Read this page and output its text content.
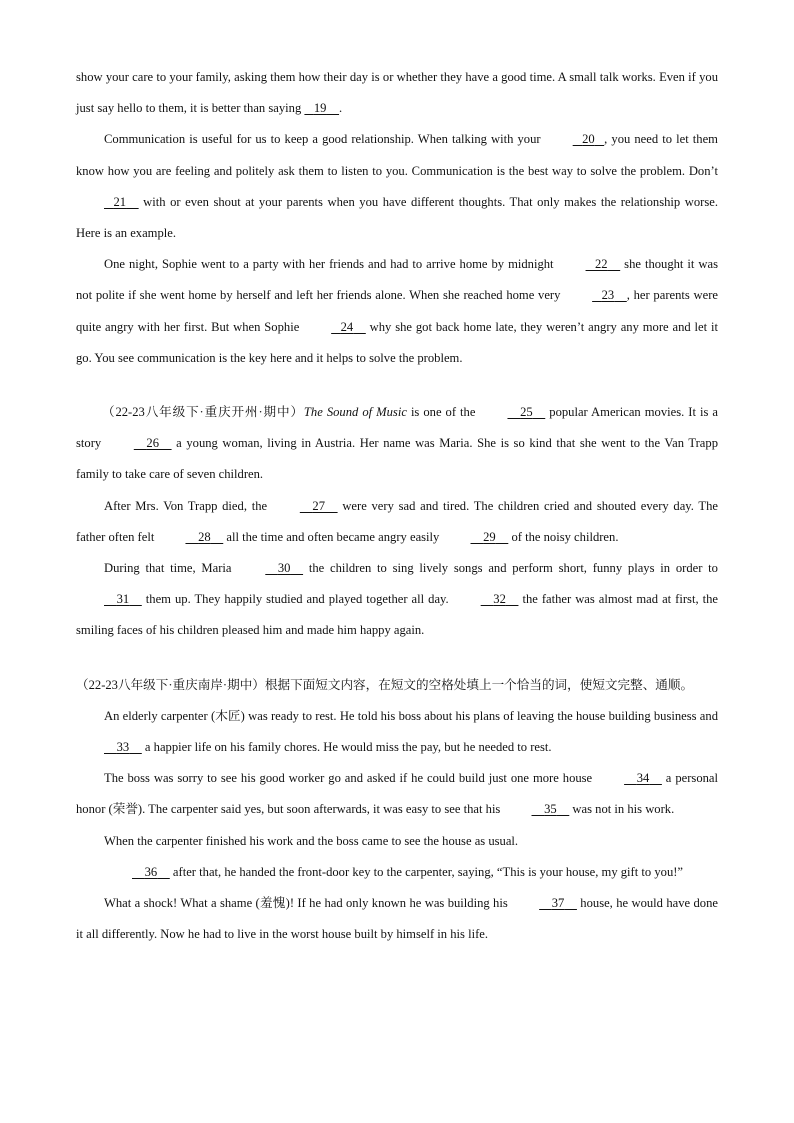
show your care to your family, asking them how their day is or whether they have a good time. A small talk works. Even if you just say hello to them, it is better than saying    19 .

Communication is useful for us to keep a good relationship. When talking with your	20 , you need to let them know how you are feeling and politely ask them to listen to you. Communication is the best way to solve the problem. Don’t    21     with or even shout at your parents when you have different thoughts. That only makes the relationship worse. Here is an example.

One night, Sophie went to a party with her friends and had to arrive home by midnight	22     she thought it was not polite if she went home by herself and left her friends alone. When she reached home very	23 , her parents were quite angry with her first. But when Sophie	24     why she got back home late, they weren’t angry any more and let it go. You see communication is the key here and it helps to solve the problem.

（22-23八年级下·重庆开州·期中）The Sound of Music is one of the	25     popular American movies. It is a story	26     a young woman, living in Austria. Her name was Maria. She is so kind that she went to the Van Trapp family to take care of seven children.

After Mrs. Von Trapp died, the	27     were very sad and tired. The children cried and shouted every day. The father often felt	28     all the time and often became angry easily	29     of the noisy children.

During that time, Maria	30     the children to sing lively songs and perform short, funny plays in order to     31     them up. They happily studied and played together all day.	32     the father was almost mad at first, the smiling faces of his children pleased him and made him happy again.

（22-23八年级下·重庆南岸·期中）根据下面短文内容，在短文的空格处填上一个恰当的词，使短文完整、通顺。

An elderly carpenter (木匠) was ready to rest. He told his boss about his plans of leaving the house building business and     33     a happier life on his family chores. He would miss the pay, but he needed to rest.

The boss was sorry to see his good worker go and asked if he could build just one more house	34     a personal honor (荣誉). The carpenter said yes, but soon afterwards, it was easy to see that his	35     was not in his work.

When the carpenter finished his work and the boss came to see the house as usual.

36     after that, he handed the front-door key to the carpenter, saying, “This is your house, my gift to you!”

What a shock! What a shame (羞愧)! If he had only known he was building his	37     house, he would have done it all differently. Now he had to live in the worst house built by himself in his life.
